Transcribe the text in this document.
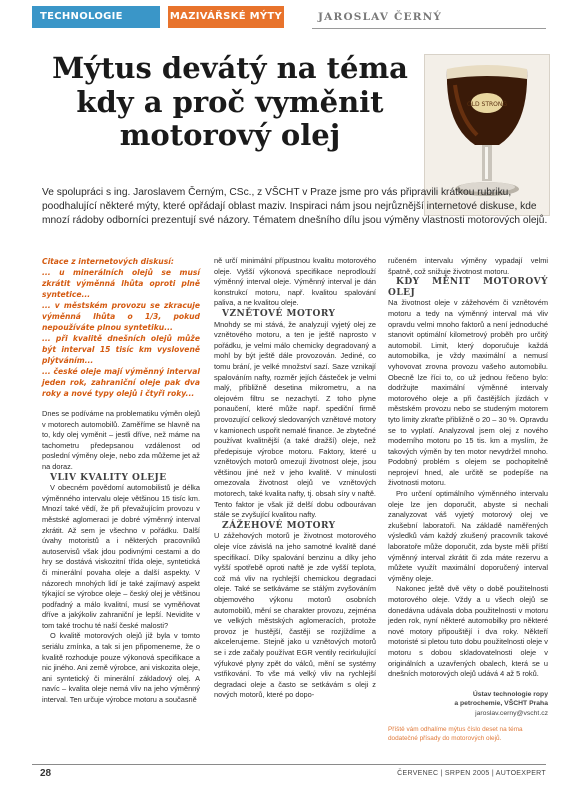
TECHNOLOGIE	MAZIVÁŘSKÉ MÝTY	JAROSLAV ČERNÝ
Mýtus devátý na téma kdy a proč vyměnit motorový olej
OLD STRONG

Ve spolupráci s ing. Jaroslavem Černým, CSc., z VŠCHT v Praze jsme pro vás připravili krátkou rubriku, poodhalující některé mýty, které opřádají oblast maziv. Inspiraci nám jsou nejrůznější internetové diskuse, kde mnozí rádoby odborníci prezentují své názory. Tématem dnešního dílu jsou výměny vlastnosti motorových olejů.

Citace z internetových diskusí:
... u minerálních olejů se musí zkrátit výměnná lhůta oproti plně syntetice...
... v městském provozu se zkracuje výměnná lhůta o 1/3, pokud nepoužíváte plnou syntetiku...
... při kvalitě dnešních olejů může být interval 15 tisíc km vysloveně plýtváním...
... české oleje mají výměnný interval jeden rok, zahraniční oleje pak dva roky a nové typy olejů i čtyři roky...

Dnes se podíváme na problematiku výměn olejů v motorech automobilů. Zaměříme se hlavně na to, kdy olej vyměnit – jestli dříve, než máme na tachometru předepsanou vzdálenost od poslední výměny oleje, nebo zda můžeme jet až na doraz.

VLIV KVALITY OLEJE

V obecném povědomí automobilistů je délka výměnného intervalu oleje většinou 15 tisíc km. Mnozí také vědí, že při převažujícím provozu v městské aglomeraci je dobré výměnný interval zkrátit. Až sem je všechno v pořádku. Další úvahy motoristů a i některých pracovníků autoservisů však jdou podivnými cestami a do hry se dostává viskozitní třída oleje, syntetická či minerální povaha oleje a další aspekty. V názorech mnohých lidí je také zajímavý aspekt týkající se výrobce oleje – český olej je většinou podřadný a málo kvalitní, musí se vyměňovat dříve a jakýkoliv zahraniční je lepší. Nevidíte v tom také trochu té naší české malosti?

O kvalitě motorových olejů již byla v tomto seriálu zmínka, a tak si jen připomeneme, že o kvalitě rozhoduje pouze výkonová specifikace a nic jiného. Ani země výrobce, ani viskozita oleje, ani syntetický či minerální základový olej. A navíc – kvalita oleje nemá vliv na jeho výměnný interval. Ten určuje výrobce motoru a současně

ně určí minimální přípustnou kvalitu motorového oleje. Vyšší výkonová specifikace neprodlouží výměnný interval oleje. Výměnný interval je dán konstrukcí motoru, např. kvalitou spalování paliva, a ne kvalitou oleje.

VZNĚTOVÉ MOTORY

Mnohdy se mi stává, že analyzují vyjetý olej ze vznětového motoru, a ten je ještě naprosto v pořádku, je velmi málo chemicky degradovaný a mohl by být ještě dále provozován. Jediné, co tomu brání, je velké množství sazí. Saze vznikají spalováním nafty, rozměr jejích částeček je velmi malý, přibližně desetina mikrometru, a na olejovém filtru se nezachytí. Z toho plyne ponaučení, které může např. spediční firmě provozující celkový sledovaných vznětové motory v kamionech uspořit nemalé finance. Je zbytečné používat kvalitnější (a také dražší) oleje, než předepisuje výrobce motoru. Faktory, které u vznětových motorů omezují životnost oleje, jsou většinou jiné než v jeho kvalitě. V minulosti omezovala životnost olejů ve vznětových motorech, také kvalita nafty, tj. obsah síry v naftě. Tento faktor je však již delší dobu odbourávan stále se zvyšující kvalitou nafty.

ZÁŽEHOVÉ MOTORY

U zážehových motorů je životnost motorového oleje více závislá na jeho samotné kvalitě dané specifikací. Díky spalování benzinu a díky jeho vyšší spotřebě oproti naftě je zde vyšší teplota, což má vliv na rychlejší chemickou degradaci oleje. Také se setkáváme se stálým zvyšováním objemového výkonu motorů osobních automobilů, mění se charakter provozu, zejména ve velkých městských aglomeracích, protože provoz je hustější, častěji se rozjíždíme a akcelerujeme. Stejně jako u vznětových motorů se i zde začaly používat EGR ventily recirkulující výfukové plyny zpět do válců, mění se systémy vstřikování. To vše má velký vliv na rychlejší degradaci oleje a často se setkávám s oleji z nových motorů, které po dopo-

ručeném intervalu výměny vypadají velmi špatně, což snižuje životnost motoru.

KDY MĚNIT MOTOROVÝ OLEJ

Na životnost oleje v zážehovém či vznětovém motoru a tedy na výměnný interval má vliv opravdu velmi mnoho faktorů a není jednoduché stanovit optimální kilometrový proběh pro určitý automobil. Limit, který doporučuje každá automobilka, je vždy maximální a nemusí vyhovovat zrovna provozu vašeho automobilu. Obecně lze říci to, co už jednou řečeno bylo: dodržujte maximální výměnné intervaly motorového oleje a při častějších jízdách v městském provozu nebo se studeným motorem tyto limity zkraťte přibližně o 20 – 30 %. Opravdu se to vyplatí. Analyzoval jsem olej z nového moderního motoru po 15 tis. km a myslím, že takových výměn by ten motor nevydržel mnoho. Podobný problém s olejem se pochopitelně neprojeví hned, ale určitě se podepíše na životnosti motoru.

Pro určení optimálního výměnného intervalu oleje lze jen doporučit, abyste si nechali zanalyzovat váš vyjetý motorový olej ve zkušební laboratoři. Na základě naměřených výsledků vám každý zkušený pracovník takové laboratoře může doporučit, zda byste měli příští výměnný interval zkrátit či zda máte rezervu a můžete využít maximální doporučený interval výměny oleje.

Nakonec ještě dvě věty o době použitelnosti motorového oleje. Vždy a u všech olejů se donedávna udávala doba použitelnosti v motoru jeden rok, nyní některé automobilky pro některé nové motory připouštějí i dva roky. Někteří motoristé si pletou tuto dobu použitelnosti oleje v motoru s dobou skladovatelnosti oleje v originálních a uzavřených obalech, která se u dnešních motorových olejů udává 4 až 5 roků.

Ústav technologie ropy
a petrochemie, VŠCHT Praha
jaroslav.cerny@vscht.cz
Příště vám odhalíme mýtus číslo deset na téma dodatečné přísady do motorových olejů.
28	ČERVENEC | SRPEN 2005 | AUTOEXPERT
